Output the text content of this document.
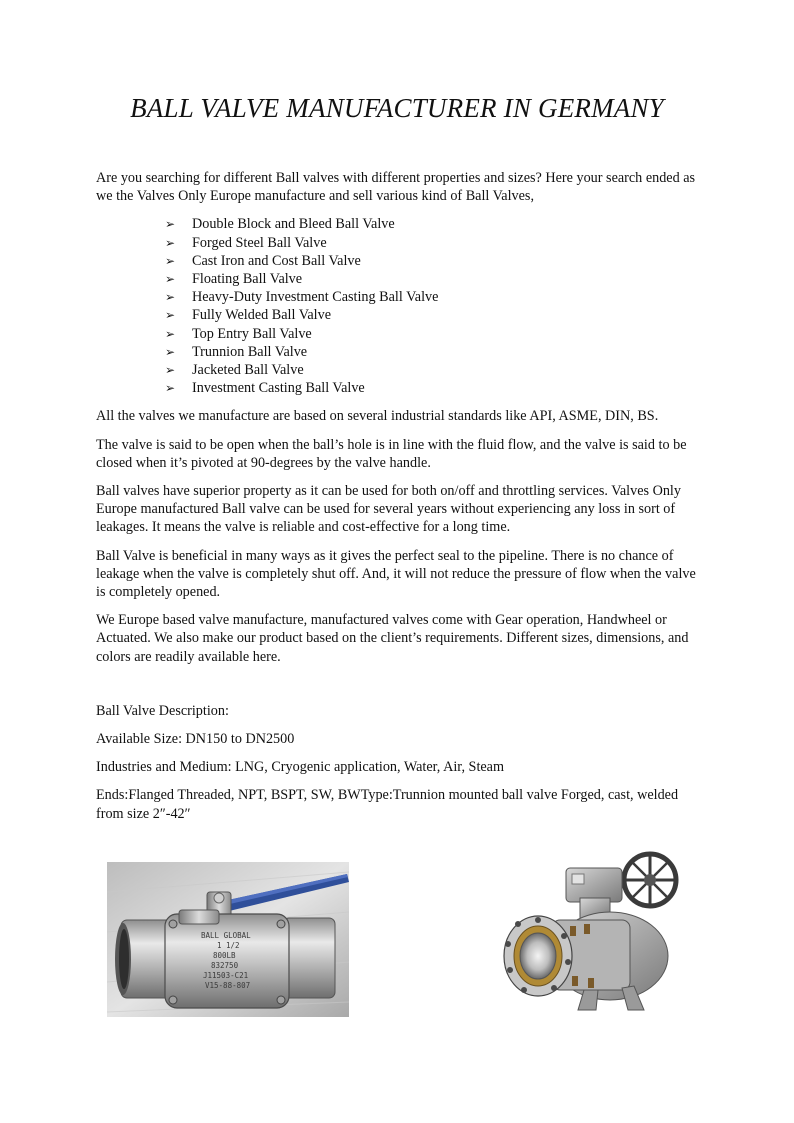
BALL VALVE MANUFACTURER IN GERMANY

Are you searching for different Ball valves with different properties and sizes? Here your search ended as we the Valves Only Europe manufacture and sell various kind of Ball Valves,

➢ Double Block and Bleed Ball Valve
➢ Forged Steel Ball Valve
➢ Cast Iron and Cost Ball Valve
➢ Floating Ball Valve
➢ Heavy-Duty Investment Casting Ball Valve
➢ Fully Welded Ball Valve
➢ Top Entry Ball Valve
➢ Trunnion Ball Valve
➢ Jacketed Ball Valve
➢ Investment Casting Ball Valve

All the valves we manufacture are based on several industrial standards like API, ASME, DIN, BS.

The valve is said to be open when the ball’s hole is in line with the fluid flow, and the valve is said to be closed when it’s pivoted at 90-degrees by the valve handle.

Ball valves have superior property as it can be used for both on/off and throttling services. Valves Only Europe manufactured Ball valve can be used for several years without experiencing any loss in sort of leakages. It means the valve is reliable and cost-effective for a long time.

Ball Valve is beneficial in many ways as it gives the perfect seal to the pipeline. There is no chance of leakage when the valve is completely shut off. And, it will not reduce the pressure of flow when the valve is completely opened.

We Europe based valve manufacture, manufactured valves come with Gear operation, Handwheel or Actuated. We also make our product based on the client’s requirements. Different sizes, dimensions, and colors are readily available here.

Ball Valve Description:

Available Size: DN150 to DN2500

Industries and Medium: LNG, Cryogenic application, Water, Air, Steam

Ends:Flanged Threaded, NPT, BSPT, SW, BWType:Trunnion mounted ball valve Forged, cast, welded from size 2″-42″

BALL GLOBAL
1 1/2
800LB
832750
J11503-C21
V15-88-807
